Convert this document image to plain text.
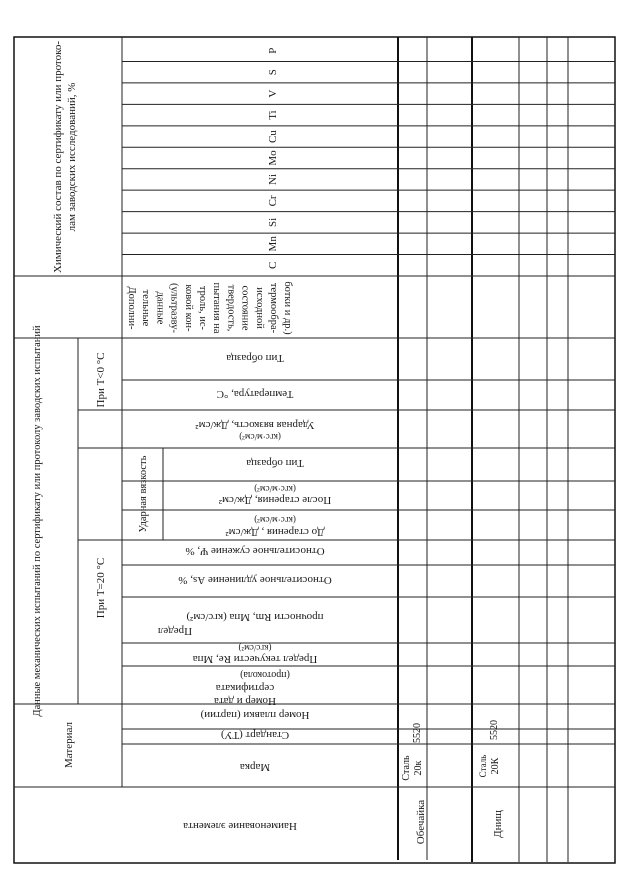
Наименование элемента
Марка
Стандарт (ТУ)
Номер плавки (партии)
Номер и дата
сертификата
(протокола)
Предел текучести Re, Мпа
(кгс/см²)
Предел
прочности Rm, Мпа (кгс/см²)
Относительное удлинение As, %
Относительное сужение Ψ, %
До старения , Дж/см²
(кгс·м/см²)
После старения, Дж/см²
(кгс·м/см²)
Тип образца
Ударная вязкость, Дж/см²
(кгс·м/см²)
Температура, °С
Тип образца
Материал
Данные механических испытаний по сертификату или протоколу заводских испытаний	При T=20 °C
Ударная вязкость
При T<0 °C
Химический состав по сертификату или протоко- лам заводских исследований, %
Дополни- тельные данные (ультразву- ковой кон- троль, ис- пытания на твердость, состояние исходной термообра- ботки и др.)
C
Mn
Si
Cr
Ni
Mo
Cu
Ti
V
S
P
Обечайка
Сталь 20к
5520
Днищ
Сталь 20К
5520
